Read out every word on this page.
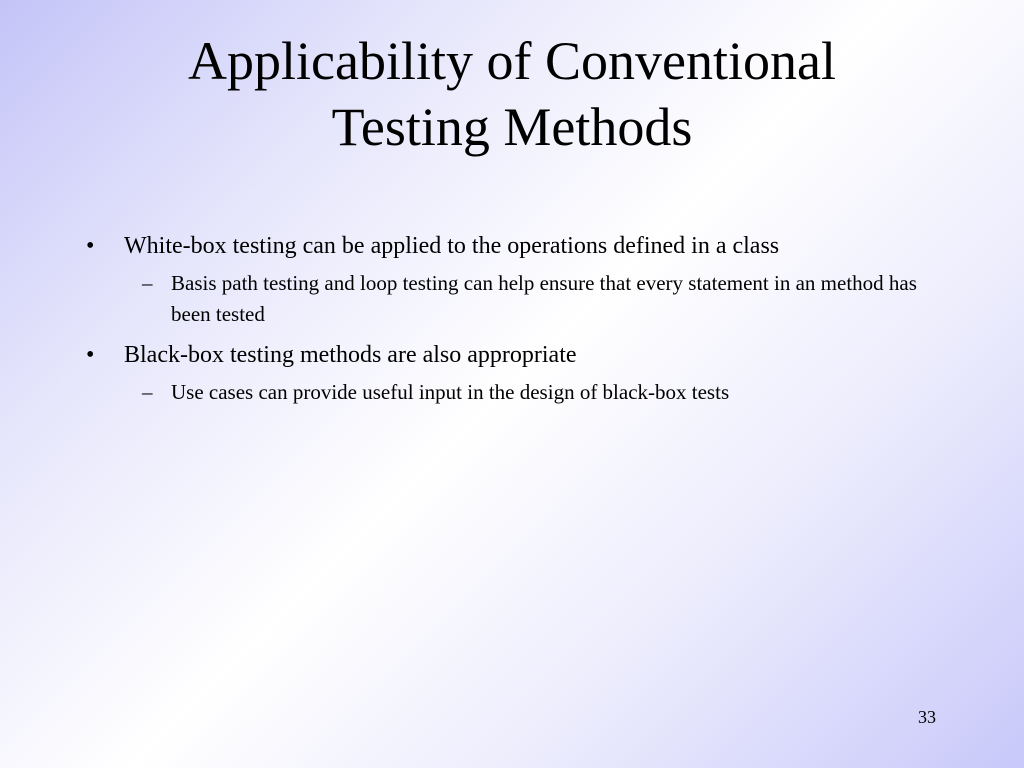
Applicability of Conventional
Testing Methods
• White-box testing can be applied to the operations defined in a class
– Basis path testing and loop testing can help ensure that every statement in an method has been tested
• Black-box testing methods are also appropriate
– Use cases can provide useful input in the design of black-box tests
33
